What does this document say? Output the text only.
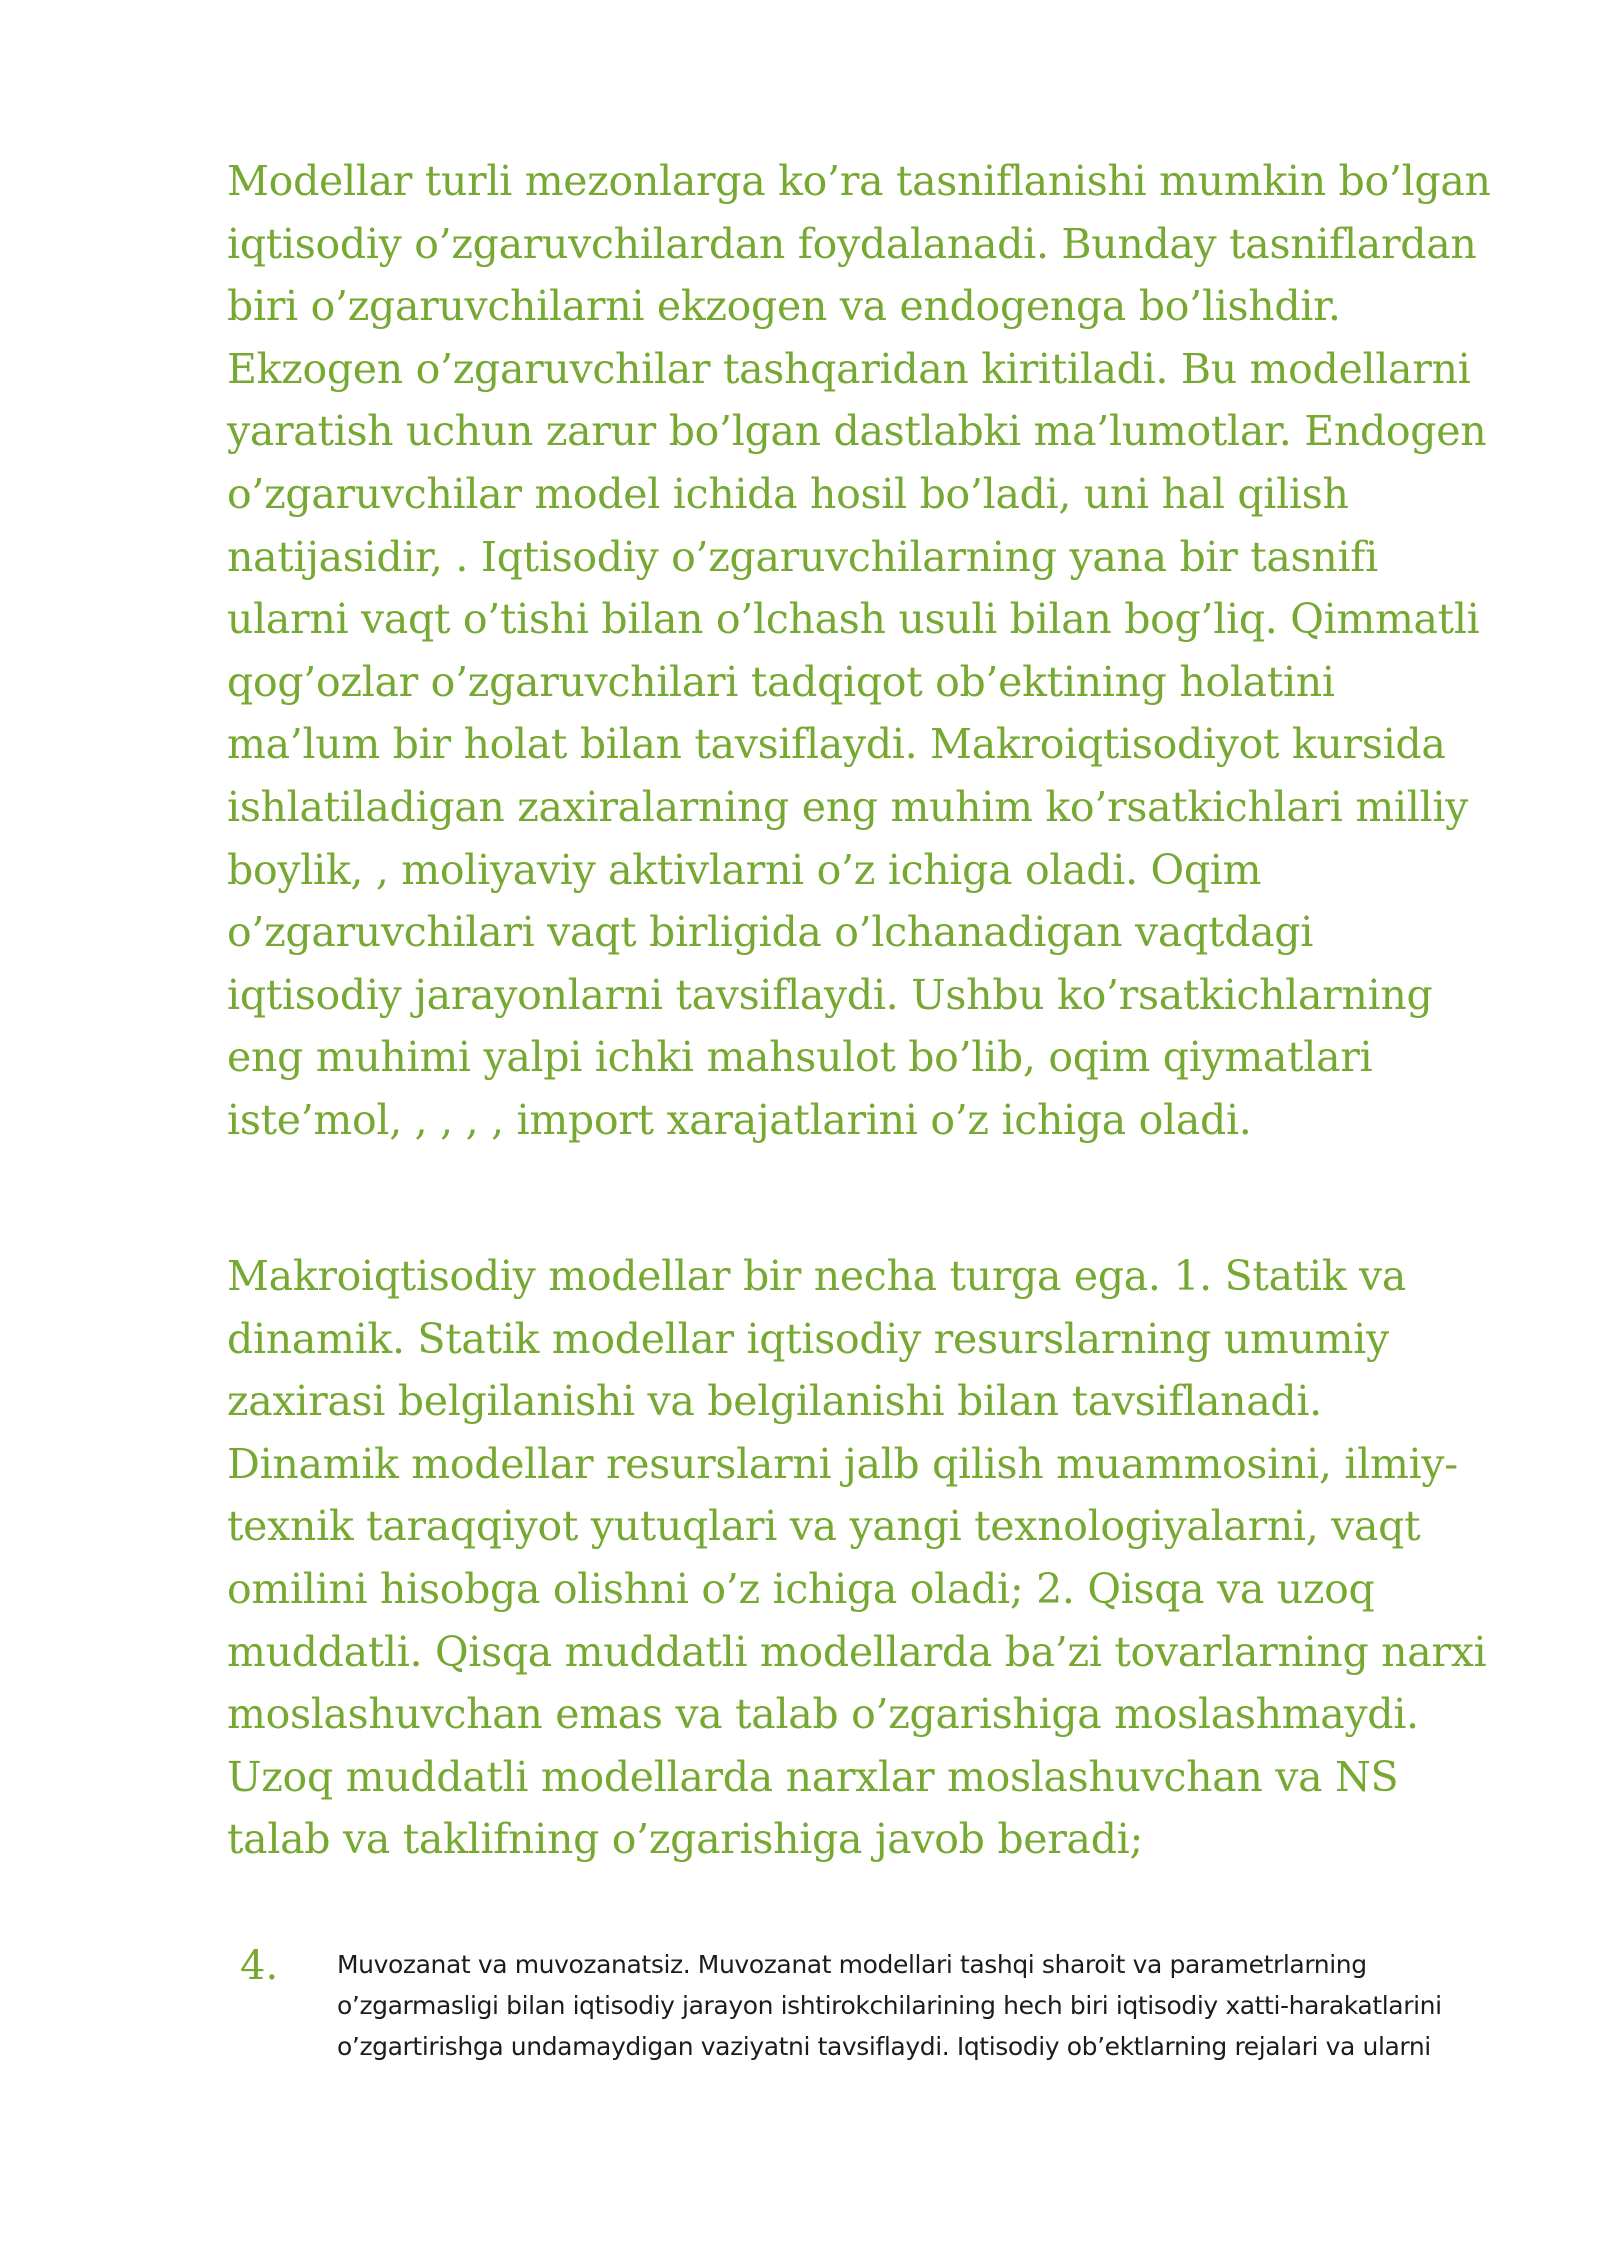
Modellar turli mezonlarga ko’ra tasniflanishi mumkin bo’lgan iqtisodiy o’zgaruvchilardan foydalanadi. Bunday tasniflardan biri o’zgaruvchilarni ekzogen va endogenga bo’lishdir. Ekzogen o’zgaruvchilar tashqaridan kiritiladi. Bu modellarni yaratish uchun zarur bo’lgan dastlabki ma’lumotlar. Endogen o’zgaruvchilar model ichida hosil bo’ladi, uni hal qilish natijasidir, . Iqtisodiy o’zgaruvchilarning yana bir tasnifi ularni vaqt o’tishi bilan o’lchash usuli bilan bog’liq. Qimmatli qog’ozlar o’zgaruvchilari tadqiqot ob’ektining holatini ma’lum bir holat bilan tavsiflaydi. Makroiqtisodiyot kursida ishlatiladigan zaxiralarning eng muhim ko’rsatkichlari milliy boylik, , moliyaviy aktivlarni o’z ichiga oladi. Oqim o’zgaruvchilari vaqt birligida o’lchanadigan vaqtdagi iqtisodiy jarayonlarni tavsiflaydi. Ushbu ko’rsatkichlarning eng muhimi yalpi ichki mahsulot bo’lib, oqim qiymatlari iste’mol, , , , , import xarajatlarini o’z ichiga oladi.

Makroiqtisodiy modellar bir necha turga ega. 1. Statik va dinamik. Statik modellar iqtisodiy resurslarning umumiy zaxirasi belgilanishi va belgilanishi bilan tavsiflanadi. Dinamik modellar resurslarni jalb qilish muammosini, ilmiy-texnik taraqqiyot yutuqlari va yangi texnologiyalarni, vaqt omilini hisobga olishni o’z ichiga oladi; 2. Qisqa va uzoq muddatli. Qisqa muddatli modellarda ba’zi tovarlarning narxi moslashuvchan emas va talab o’zgarishiga moslashmaydi. Uzoq muddatli modellarda narxlar moslashuvchan va NS talab va taklifning o’zgarishiga javob beradi;

4. Muvozanat va muvozanatsiz. Muvozanat modellari tashqi sharoit va parametrlarning o’zgarmasligi bilan iqtisodiy jarayon ishtirokchilarining hech biri iqtisodiy xatti-harakatlarini o’zgartirishga undamaydigan vaziyatni tavsiflaydi. Iqtisodiy ob’ektlarning rejalari va ularni
